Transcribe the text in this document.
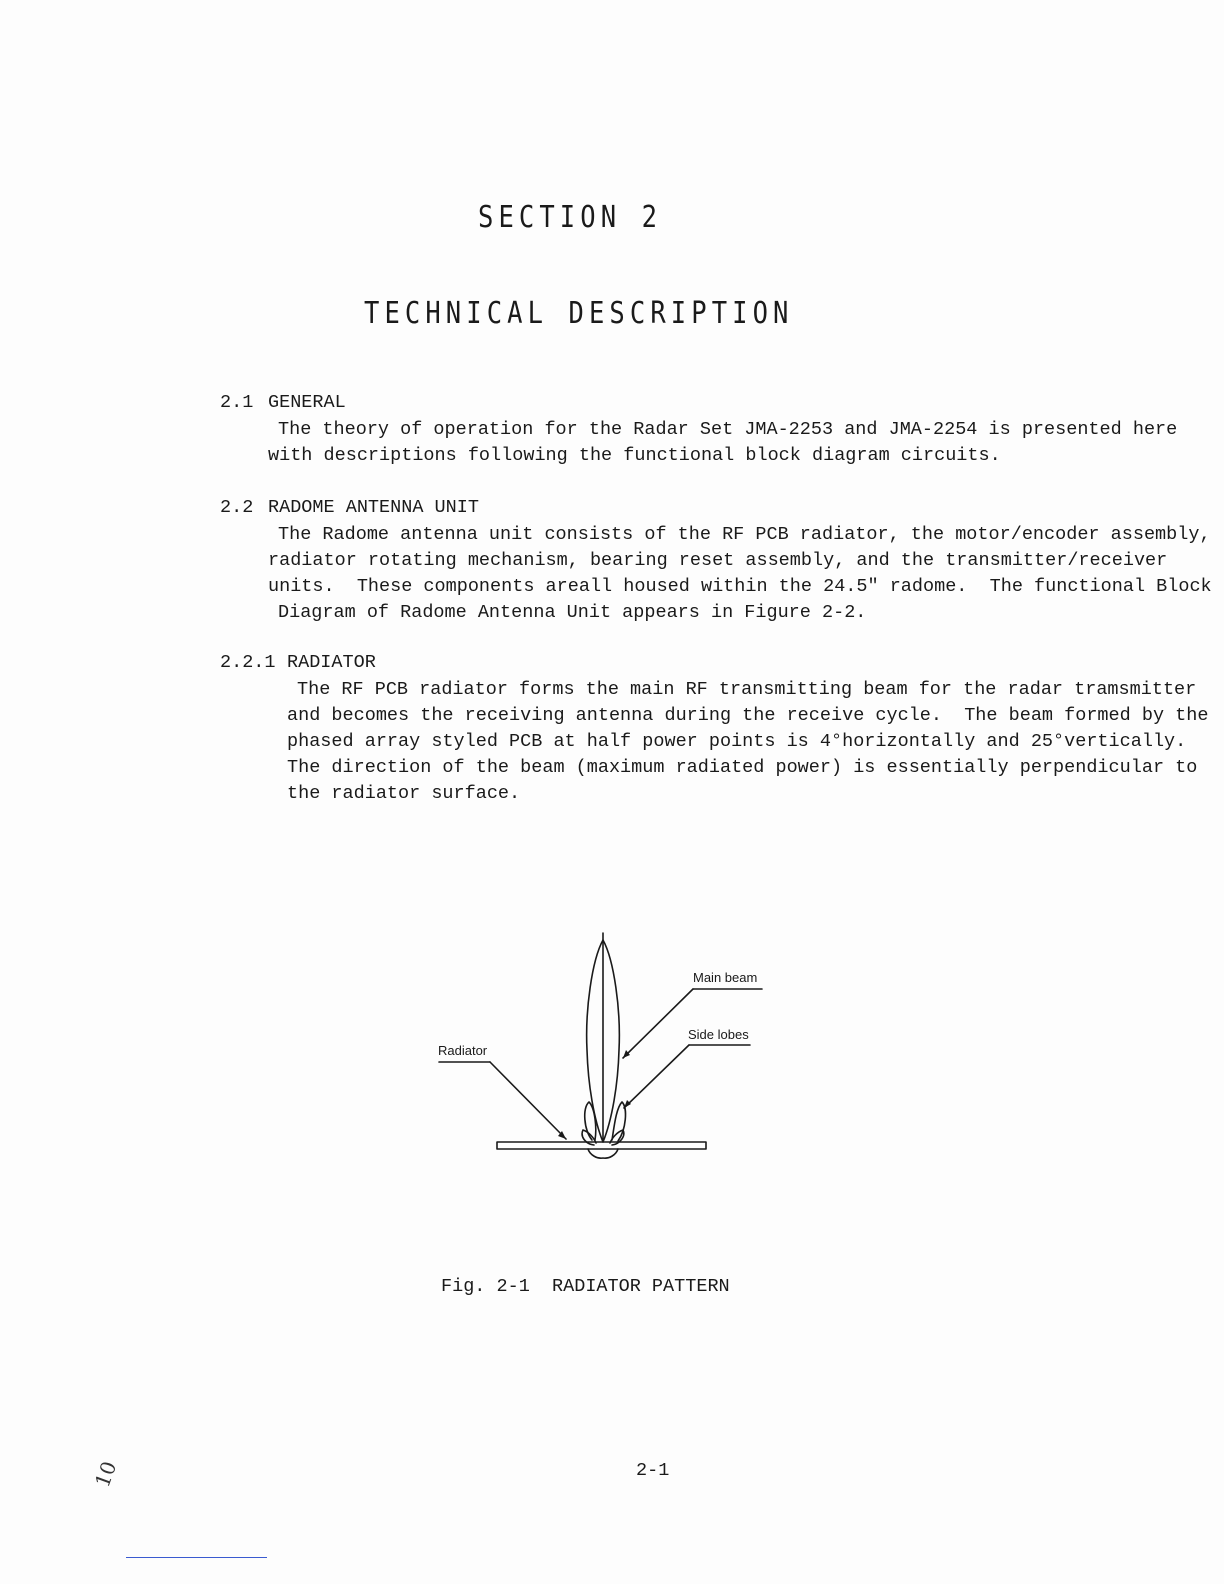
SECTION 2
TECHNICAL DESCRIPTION
2.1 GENERAL
The theory of operation for the Radar Set JMA-2253 and JMA-2254 is presented here
with descriptions following the functional block diagram circuits.
2.2 RADOME ANTENNA UNIT
The Radome antenna unit consists of the RF PCB radiator, the motor/encoder assembly,
radiator rotating mechanism, bearing reset assembly, and the transmitter/receiver
units.  These components areall housed within the 24.5" radome.  The functional Block
Diagram of Radome Antenna Unit appears in Figure 2-2.
2.2.1 RADIATOR
The RF PCB radiator forms the main RF transmitting beam for the radar tramsmitter
and becomes the receiving antenna during the receive cycle.  The beam formed by the
phased array styled PCB at half power points is 4°horizontally and 25°vertically.
The direction of the beam (maximum radiated power) is essentially perpendicular to
the radiator surface.
Main beam
Side lobes
Radiator
Fig. 2-1  RADIATOR PATTERN
2-1
10
